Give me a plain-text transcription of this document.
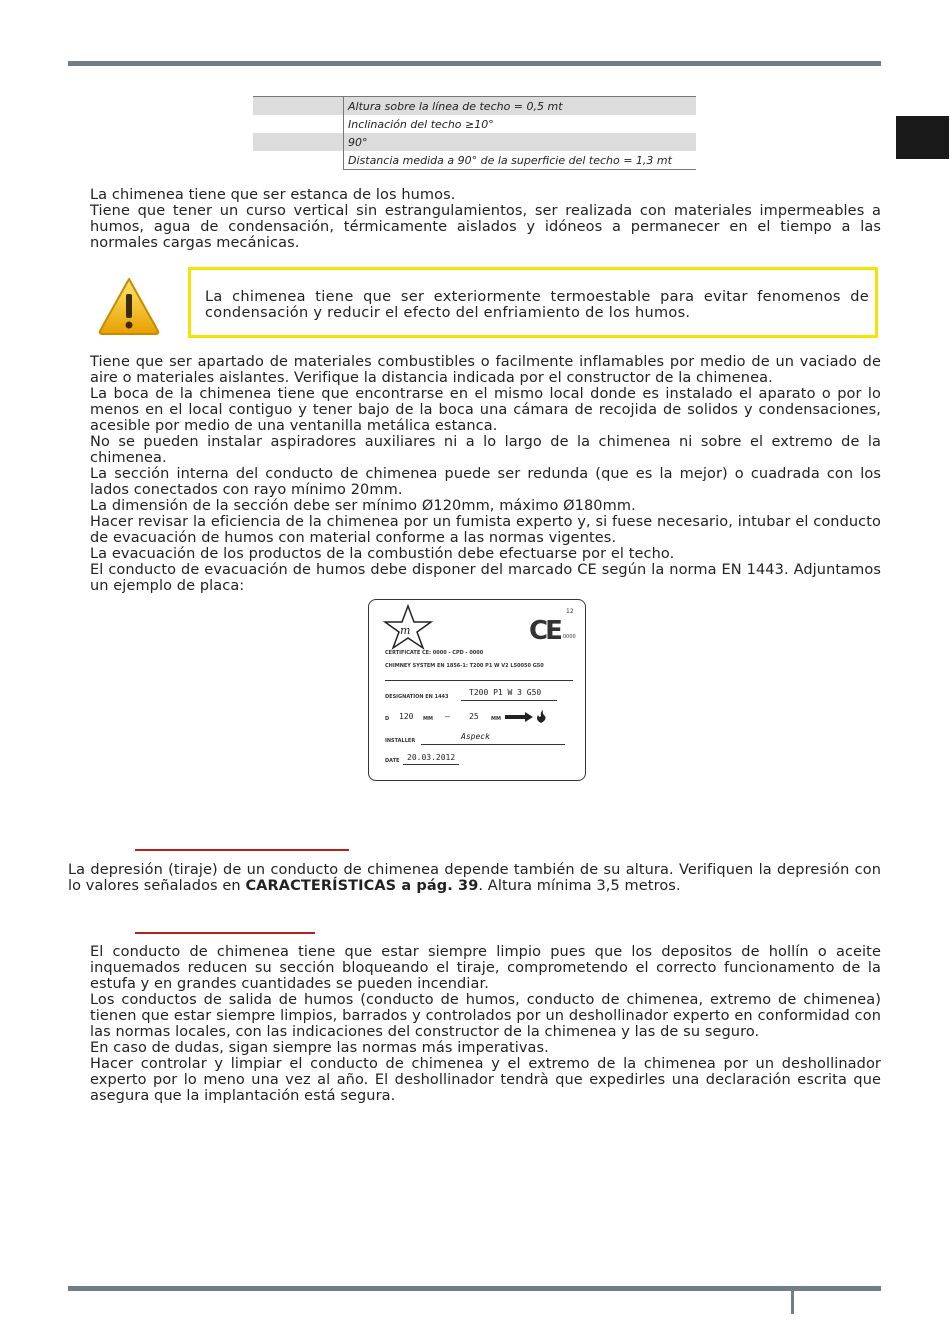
	Altura sobre la línea de techo = 0,5 mt
	Inclinación del techo ≥10°
	90°
	Distancia medida a 90° de la superficie del techo = 1,3 mt

La chimenea tiene que ser estanca de los humos.

Tiene que tener un curso vertical sin estrangulamientos, ser realizada con materiales impermeables a humos, agua de condensación, térmicamente aislados y idóneos a permanecer en el tiempo a las normales cargas mecánicas.

La chimenea tiene que ser exteriormente termoestable para evitar fenomenos de condensación y reducir el efecto del enfriamiento de los humos.

Tiene que ser apartado de materiales combustibles o facilmente inflamables por medio de un vaciado de aire o materiales aislantes. Verifique la distancia indicada por el constructor de la chimenea.

La boca de la chimenea tiene que encontrarse en el mismo local donde es instalado el aparato o por lo menos en el local contiguo y tener bajo de la boca una cámara de recojida de solidos y condensaciones, acesible por medio de una ventanilla metálica estanca.

No se pueden instalar aspiradores auxiliares ni a lo largo de la chimenea ni sobre el extremo de la chimenea.

La sección interna del conducto de chimenea puede ser redunda (que es la mejor) o cuadrada con los lados conectados con rayo mínimo 20mm.

La dimensión de la sección debe ser mínimo Ø120mm, máximo Ø180mm.

Hacer revisar la eficiencia de la chimenea por un fumista experto y, si fuese necesario, intubar el conducto de evacuación de humos con material conforme a las normas vigentes.

La evacuación de los productos de la combustión debe efectuarse por el techo.

El conducto de evacuación de humos debe disponer del marcado CE según la norma EN 1443. Adjuntamos un ejemplo de placa:

m	CE
12
0000
CERTIFICATE CE: 0000 - CPD - 0000
CHIMNEY SYSTEM EN 1856-1: T200 P1 W V2 L50050 G50
DESIGNATION EN 1443	T200 P1 W 3 G50
D 120 MM – 25 MM
INSTALLER	Aspeck
DATE 20.03.2012

La depresión (tiraje) de un conducto de chimenea depende también de su altura. Verifiquen la depresión con lo valores señalados en CARACTERÍSTICAS a pág. 39. Altura mínima 3,5 metros.

El conducto de chimenea tiene que estar siempre limpio pues que los depositos de hollín o aceite inquemados reducen su sección bloqueando el tiraje, comprometendo el correcto funcionamento de la estufa y en grandes cuantidades se pueden incendiar.

Los conductos de salida de humos (conducto de humos, conducto de chimenea, extremo de chimenea) tienen que estar siempre limpios, barrados y controlados por un deshollinador experto en conformidad con las normas locales, con las indicaciones del constructor de la chimenea y las de su seguro.

En caso de dudas, sigan siempre las normas más imperativas.

Hacer controlar y limpiar el conducto de chimenea y el extremo de la chimenea por un deshollinador experto por lo meno una vez al año. El deshollinador tendrà que expedirles una declaración escrita que asegura que la implantación está segura.
